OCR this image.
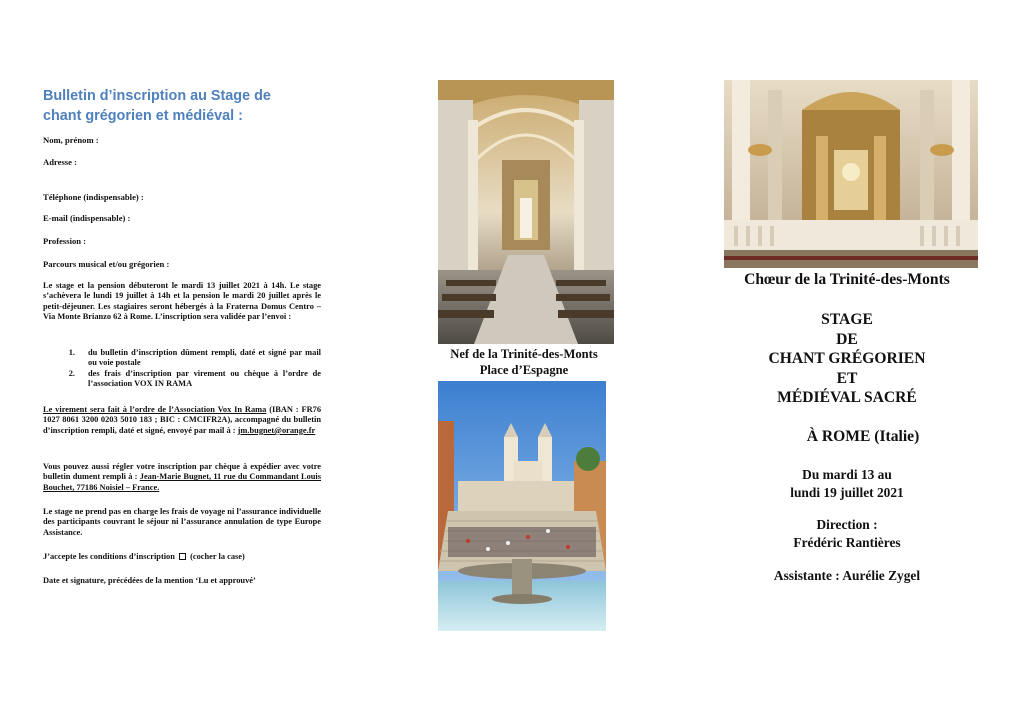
Bulletin d’inscription au Stage de
chant grégorien et médiéval :
Nom, prénom :
Adresse :
Téléphone (indispensable) :
E-mail (indispensable) :
Profession :
Parcours musical et/ou grégorien :
Le stage et la pension débuteront le mardi 13 juillet 2021 à 14h. Le stage s’achèvera le lundi 19 juillet à 14h et la pension le mardi 20 juillet après le petit-déjeuner. Les stagiaires seront hébergés à la Fraterna Domus Centro – Via Monte Brianzo 62 à Rome. L’inscription sera validée par l’envoi :
1.	du bulletin d’inscription dûment rempli, daté et signé par mail ou voie postale
2.	des frais d’inscription par virement ou chèque à l’ordre de l’association VOX IN RAMA
Le virement sera fait à l’ordre de l’Association Vox In Rama (IBAN : FR76 1027 8061 3200 0203 5010 183 ; BIC : CMCIFR2A), accompagné du bulletin d’inscription rempli, daté et signé, envoyé par mail à : jm.bugnet@orange.fr
Vous pouvez aussi régler votre inscription par chèque à expédier avec votre bulletin dument rempli à : Jean-Marie Bugnet, 11 rue du Commandant Louis Bouchet, 77186 Noisiel – France.
Le stage ne prend pas en charge les frais de voyage ni l’assurance individuelle des participants couvrant le séjour ni l’assurance annulation de type Europe Assistance.
J’accepte les conditions d’inscription (cocher la case)
Date et signature, précédées de la mention ‘Lu et approuvé’
Nef de la Trinité-des-Monts
Place d’Espagne
Chœur de la Trinité-des-Monts
STAGE
DE
CHANT GRÉGORIEN
ET
MÉDIÉVAL SACRÉ
À ROME (Italie)
Du mardi 13 au
lundi 19 juillet 2021
Direction :
Frédéric Rantières
Assistante : Aurélie Zygel
